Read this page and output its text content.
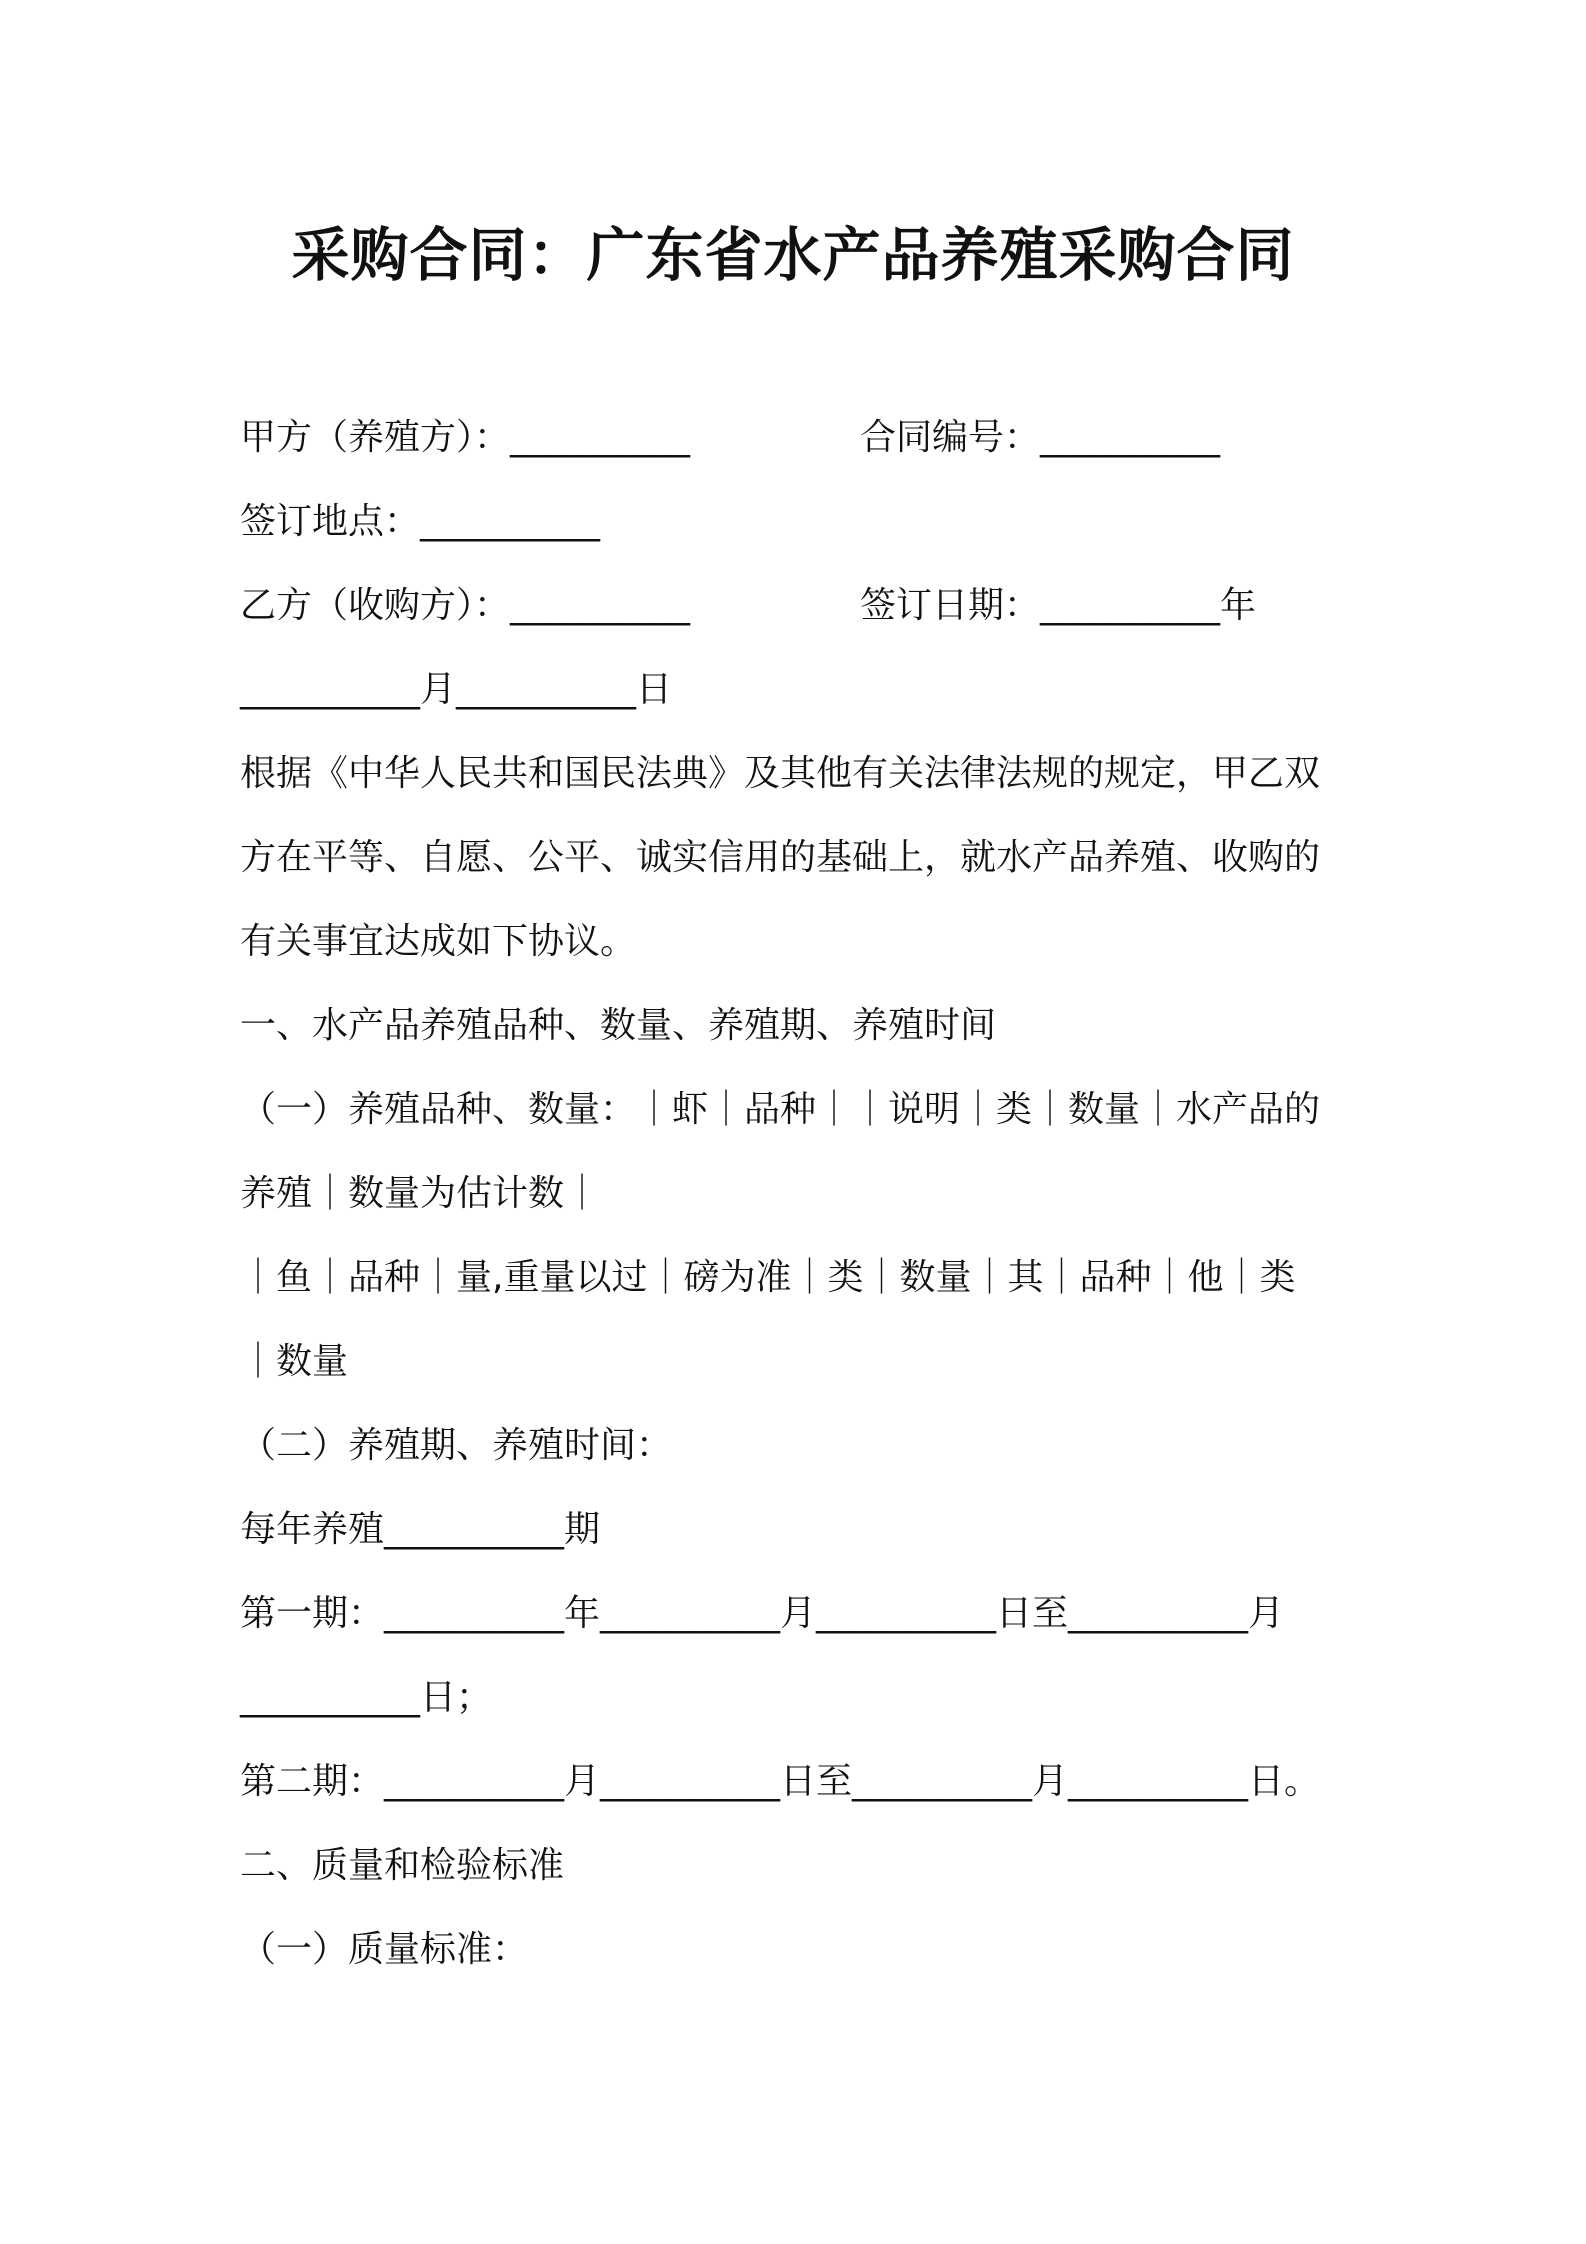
采购合同：广东省水产品养殖采购合同
甲方（养殖方）：__________	合同编号：__________
签订地点：__________
乙方（收购方）：__________	签订日期：__________年
__________月__________日
根据《中华人民共和国民法典》及其他有关法律法规的规定，甲乙双
方在平等、自愿、公平、诚实信用的基础上，就水产品养殖、收购的
有关事宜达成如下协议。
一、水产品养殖品种、数量、养殖期、养殖时间
（一）养殖品种、数量：｜虾｜品种｜｜说明｜类｜数量｜水产品的
养殖｜数量为估计数｜
｜鱼｜品种｜量,重量以过｜磅为准｜类｜数量｜其｜品种｜他｜类
｜数量
（二）养殖期、养殖时间：
每年养殖__________期
第一期：__________年__________月__________日至__________月
__________日；
第二期：__________月__________日至__________月__________日。
二、质量和检验标准
（一）质量标准：
